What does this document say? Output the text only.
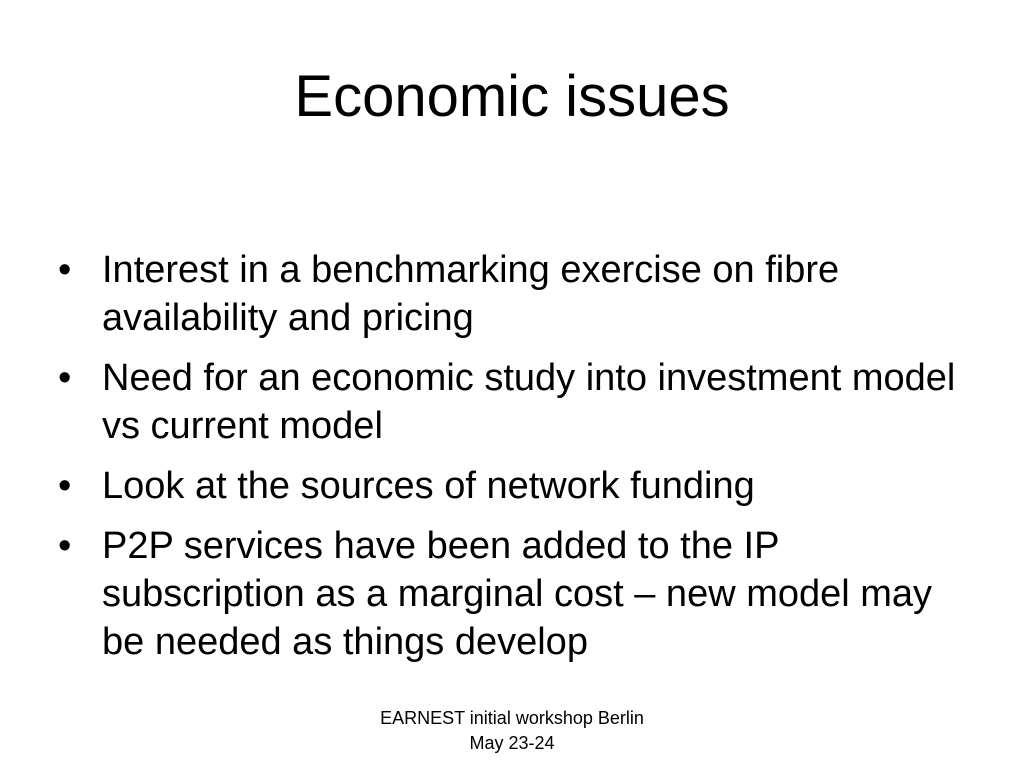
Economic issues
• Interest in a benchmarking exercise on fibre availability and pricing
• Need for an economic study into investment model vs current model
• Look at the sources of network funding
• P2P services have been added to the IP subscription as a marginal cost – new model may be needed as things develop
EARNEST initial workshop Berlin
May 23-24
